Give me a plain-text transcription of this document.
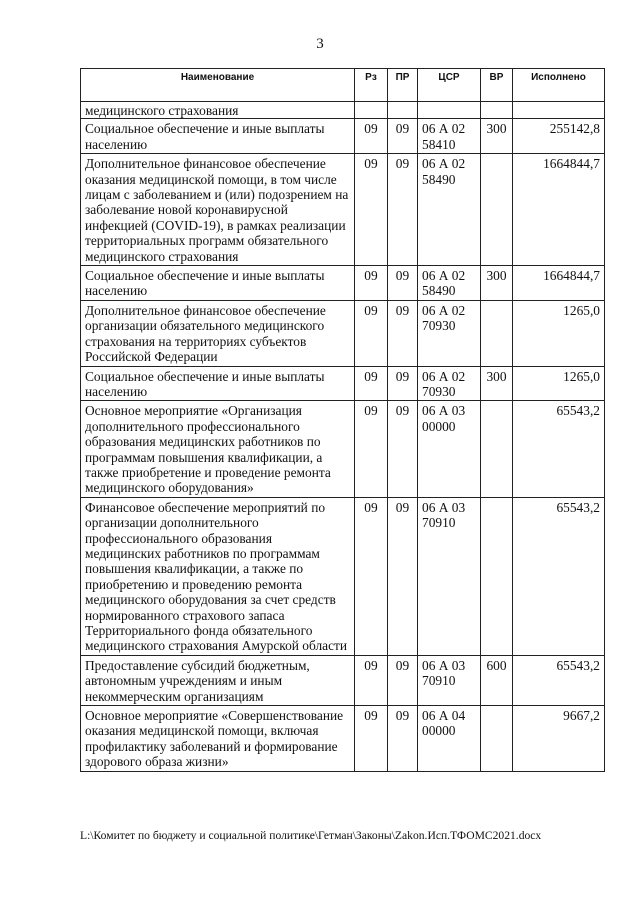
3
Наименование	Рз	ПР	ЦСР	ВР	Исполнено
медицинского страхования					
Социальное обеспечение и иные выплаты населению	09	09	06 А 02 58410	300	255142,8
Дополнительное финансовое обеспечение оказания медицинской помощи, в том числе лицам с заболеванием и (или) подозрением на заболевание новой коронавирусной инфекцией (COVID-19), в рамках реализации территориальных программ обязательного медицинского страхования	09	09	06 А 02 58490		1664844,7
Социальное обеспечение и иные выплаты населению	09	09	06 А 02 58490	300	1664844,7
Дополнительное финансовое обеспечение организации обязательного медицинского страхования на территориях субъектов Российской Федерации	09	09	06 А 02 70930		1265,0
Социальное обеспечение и иные выплаты населению	09	09	06 А 02 70930	300	1265,0
Основное мероприятие «Организация дополнительного профессионального образования медицинских работников по программам повышения квалификации, а также приобретение и проведение ремонта медицинского оборудования»	09	09	06 А 03 00000		65543,2
Финансовое обеспечение мероприятий по организации дополнительного профессионального образования медицинских работников по программам повышения квалификации, а также по приобретению и проведению ремонта медицинского оборудования за счет средств нормированного страхового запаса Территориального фонда обязательного медицинского страхования Амурской области	09	09	06 А 03 70910		65543,2
Предоставление субсидий бюджетным, автономным учреждениям и иным некоммерческим организациям	09	09	06 А 03 70910	600	65543,2
Основное мероприятие «Совершенствование оказания медицинской помощи, включая профилактику заболеваний и формирование здорового образа жизни»	09	09	06 А 04 00000		9667,2
L:\Комитет по бюджету и социальной политике\Гетман\Законы\Zakon.Исп.ТФОМС2021.docx
